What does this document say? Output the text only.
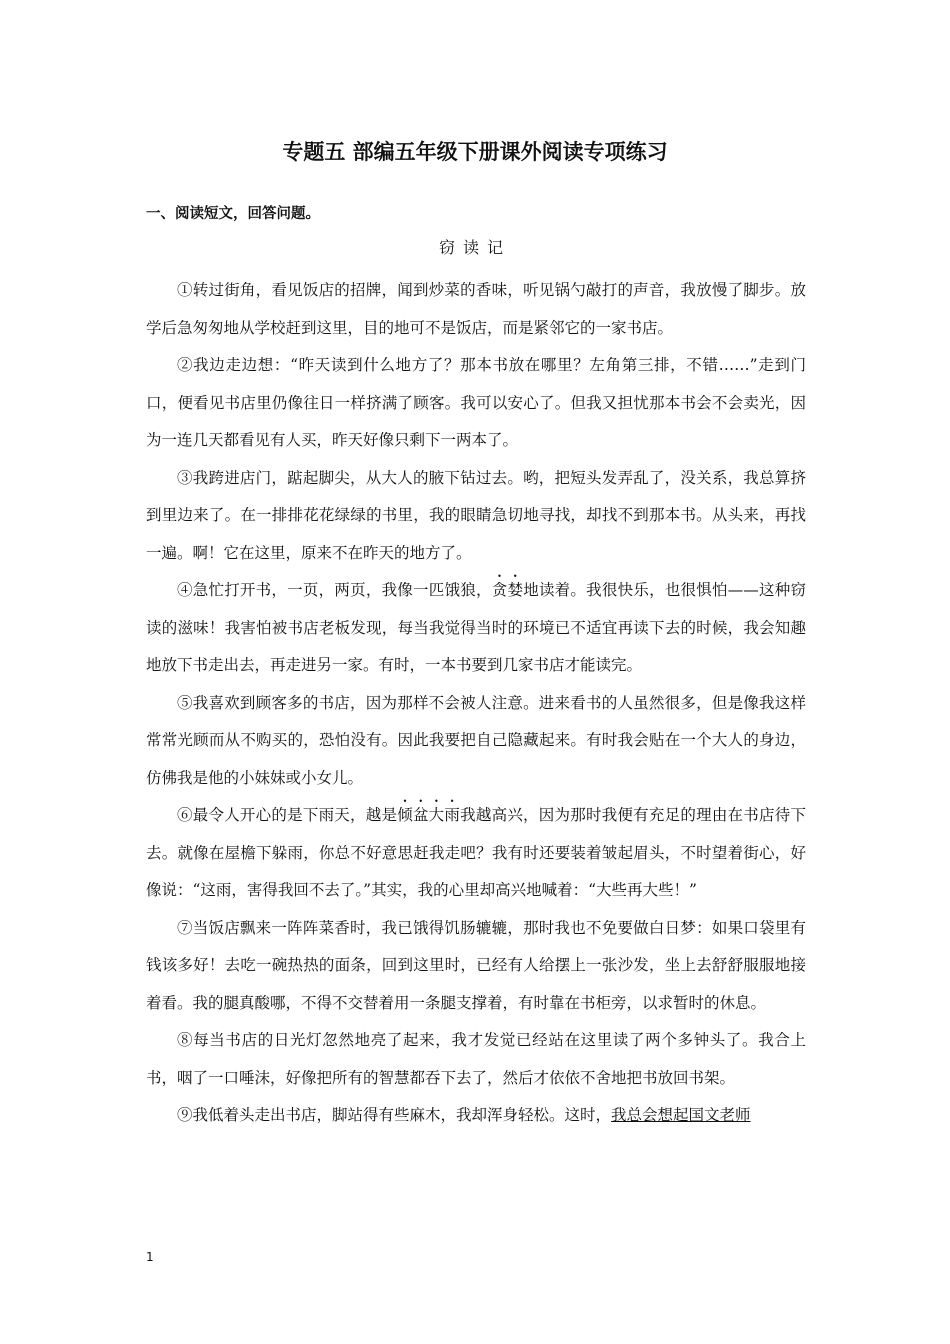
专题五 部编五年级下册课外阅读专项练习
一、阅读短文，回答问题。
窃读记

①转过街角，看见饭店的招牌，闻到炒菜的香味，听见锅勺敲打的声音，我放慢了脚步。放学后急匆匆地从学校赶到这里，目的地可不是饭店，而是紧邻它的一家书店。

②我边走边想：“昨天读到什么地方了？那本书放在哪里？左角第三排，不错……”走到门口，便看见书店里仍像往日一样挤满了顾客。我可以安心了。但我又担忧那本书会不会卖光，因为一连几天都看见有人买，昨天好像只剩下一两本了。

③我跨进店门，踮起脚尖，从大人的腋下钻过去。哟，把短头发弄乱了，没关系，我总算挤到里边来了。在一排排花花绿绿的书里，我的眼睛急切地寻找，却找不到那本书。从头来，再找一遍。啊！它在这里，原来不在昨天的地方了。

④急忙打开书，一页，两页，我像一匹饿狼，贪婪地读着。我很快乐，也很惧怕——这种窃读的滋味！我害怕被书店老板发现，每当我觉得当时的环境已不适宜再读下去的时候，我会知趣地放下书走出去，再走进另一家。有时，一本书要到几家书店才能读完。

⑤我喜欢到顾客多的书店，因为那样不会被人注意。进来看书的人虽然很多，但是像我这样常常光顾而从不购买的，恐怕没有。因此我要把自己隐藏起来。有时我会贴在一个大人的身边，仿佛我是他的小妹妹或小女儿。

⑥最令人开心的是下雨天，越是倾盆大雨我越高兴，因为那时我便有充足的理由在书店待下去。就像在屋檐下躲雨，你总不好意思赶我走吧？我有时还要装着皱起眉头，不时望着街心，好像说：“这雨，害得我回不去了。”其实，我的心里却高兴地喊着：“大些再大些！”

⑦当饭店飘来一阵阵菜香时，我已饿得饥肠辘辘，那时我也不免要做白日梦：如果口袋里有钱该多好！去吃一碗热热的面条，回到这里时，已经有人给摆上一张沙发，坐上去舒舒服服地接着看。我的腿真酸哪，不得不交替着用一条腿支撑着，有时靠在书柜旁，以求暂时的休息。

⑧每当书店的日光灯忽然地亮了起来，我才发觉已经站在这里读了两个多钟头了。我合上书，咽了一口唾沫，好像把所有的智慧都吞下去了，然后才依依不舍地把书放回书架。

⑨我低着头走出书店，脚站得有些麻木，我却浑身轻松。这时，我总会想起国文老师

1
